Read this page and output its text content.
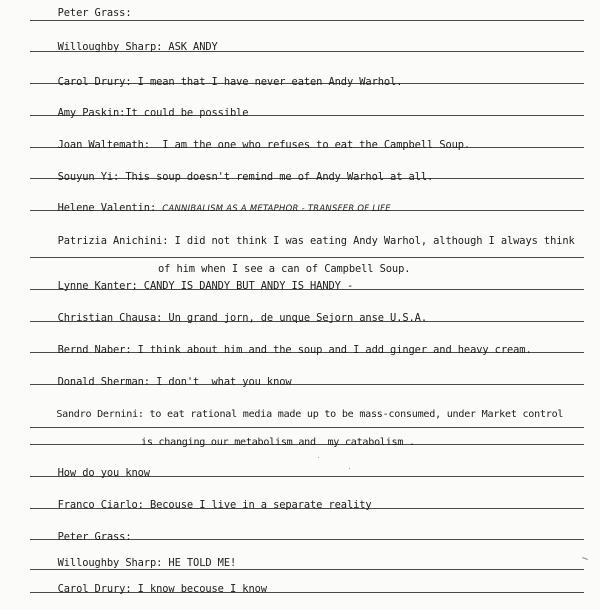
Peter Grass:

Willoughby Sharp: ASK ANDY

Carol Drury: I mean that I have never eaten Andy Warhol.

Amy Paskin:It could be possible

Joan Waltemath:  I am the one who refuses to eat the Campbell Soup.

Souyun Yi: This soup doesn't remind me of Andy Warhol at all.

Helene Valentin: CANNIBALISM AS A METAPHOR - TRANSFER OF LIFE

Patrizia Anichini: I did not think I was eating Andy Warhol, although I always think

of him when I see a can of Campbell Soup.

Lynne Kanter: CANDY IS DANDY BUT ANDY IS HANDY -

Christian Chausa: Un grand jorn, de unque Sejorn anse U.S.A.

Bernd Naber: I think about him and the soup and I add ginger and heavy cream.

Donald Sherman: I don't  what you know

Sandro Dernini: to eat rational media made up to be mass-consumed, under Market control

is changing our metabolism and  my catabolism .

How do you know

Franco Ciarlo: Becouse I live in a separate reality

Peter Grass:

Willoughby Sharp: HE TOLD ME!

Carol Drury: I know becouse I know
